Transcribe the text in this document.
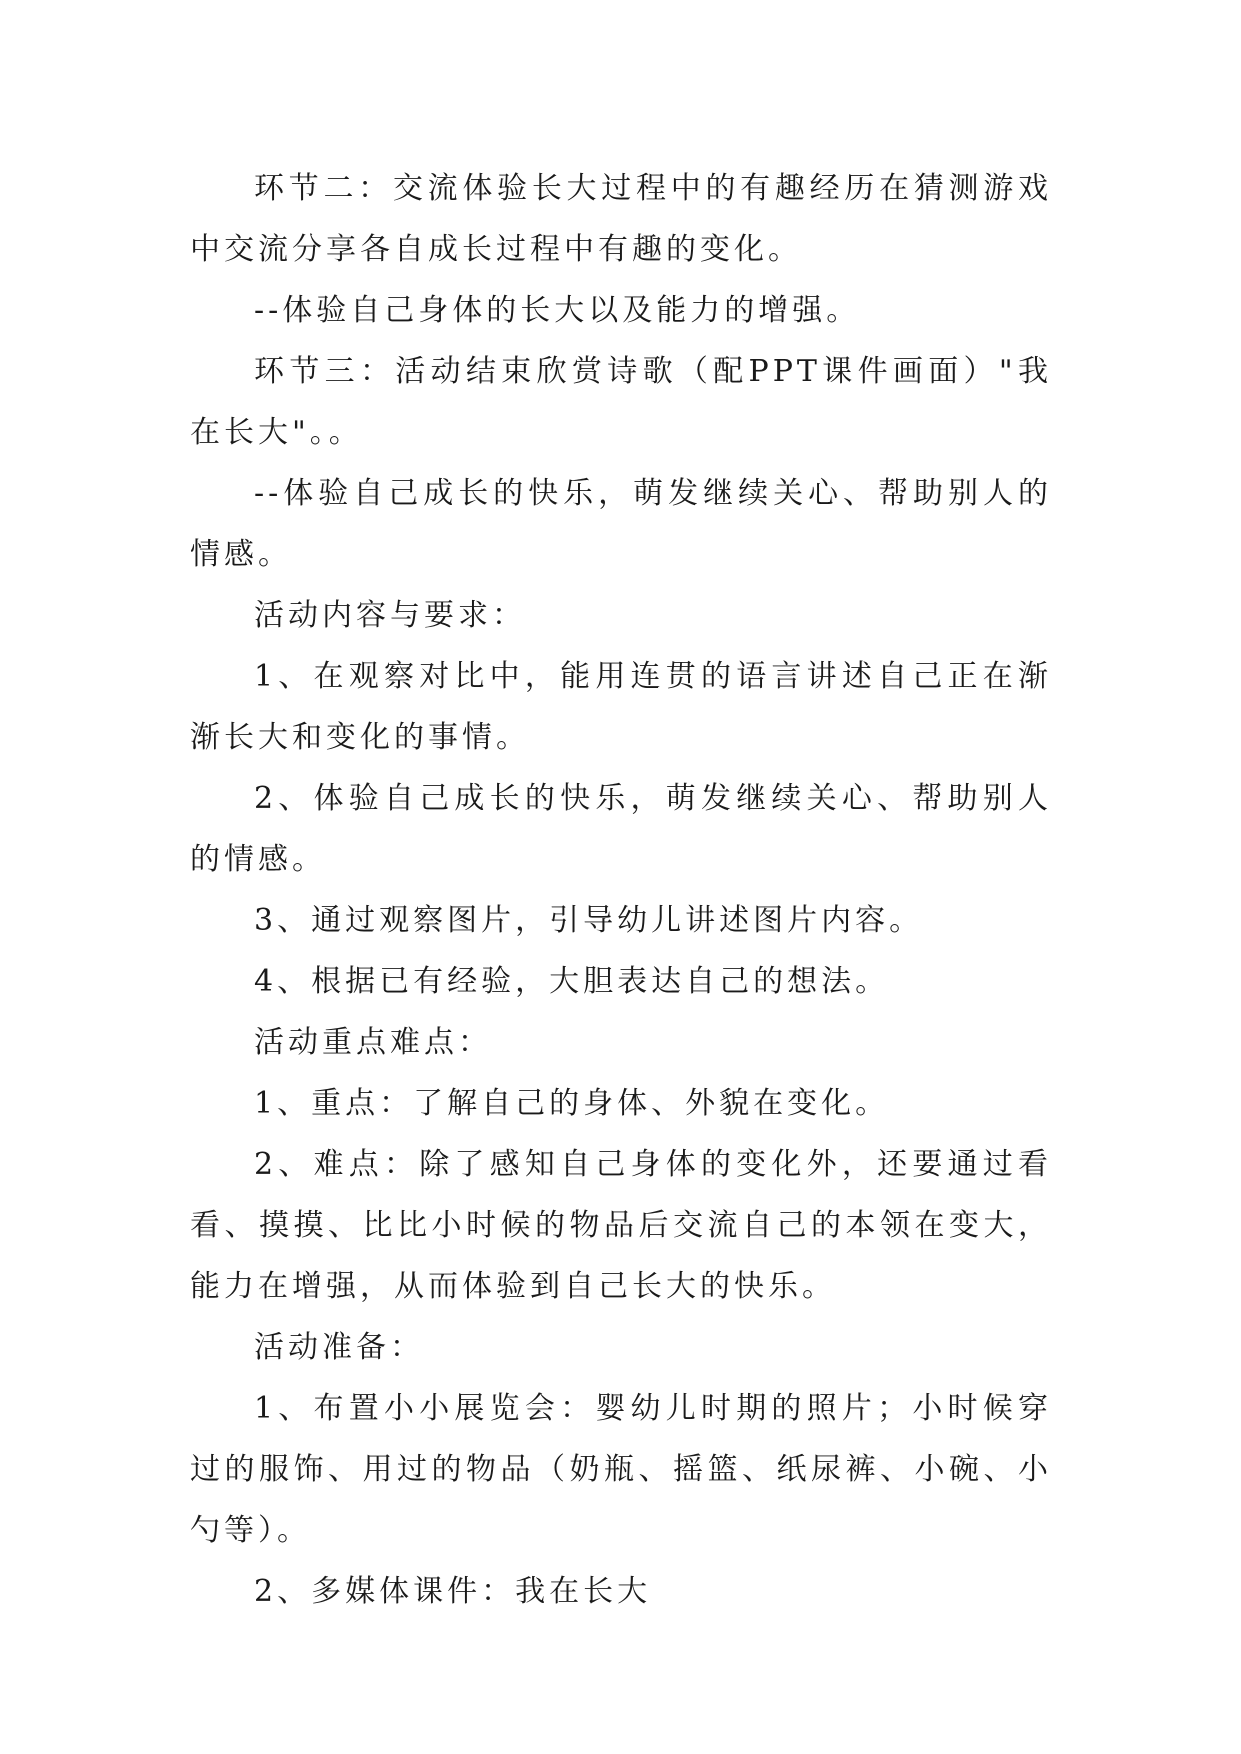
环节二：交流体验长大过程中的有趣经历在猜测游戏中交流分享各自成长过程中有趣的变化。

--体验自己身体的长大以及能力的增强。

环节三：活动结束欣赏诗歌（配PPT课件画面）"我在长大"。。

--体验自己成长的快乐，萌发继续关心、帮助别人的情感。

活动内容与要求：

1、在观察对比中，能用连贯的语言讲述自己正在渐渐长大和变化的事情。

2、体验自己成长的快乐，萌发继续关心、帮助别人的情感。

3、通过观察图片，引导幼儿讲述图片内容。

4、根据已有经验，大胆表达自己的想法。

活动重点难点：

1、重点：了解自己的身体、外貌在变化。

2、难点：除了感知自己身体的变化外，还要通过看看、摸摸、比比小时候的物品后交流自己的本领在变大，能力在增强，从而体验到自己长大的快乐。

活动准备：

1、布置小小展览会：婴幼儿时期的照片；小时候穿过的服饰、用过的物品（奶瓶、摇篮、纸尿裤、小碗、小勺等）。

2、多媒体课件：我在长大
